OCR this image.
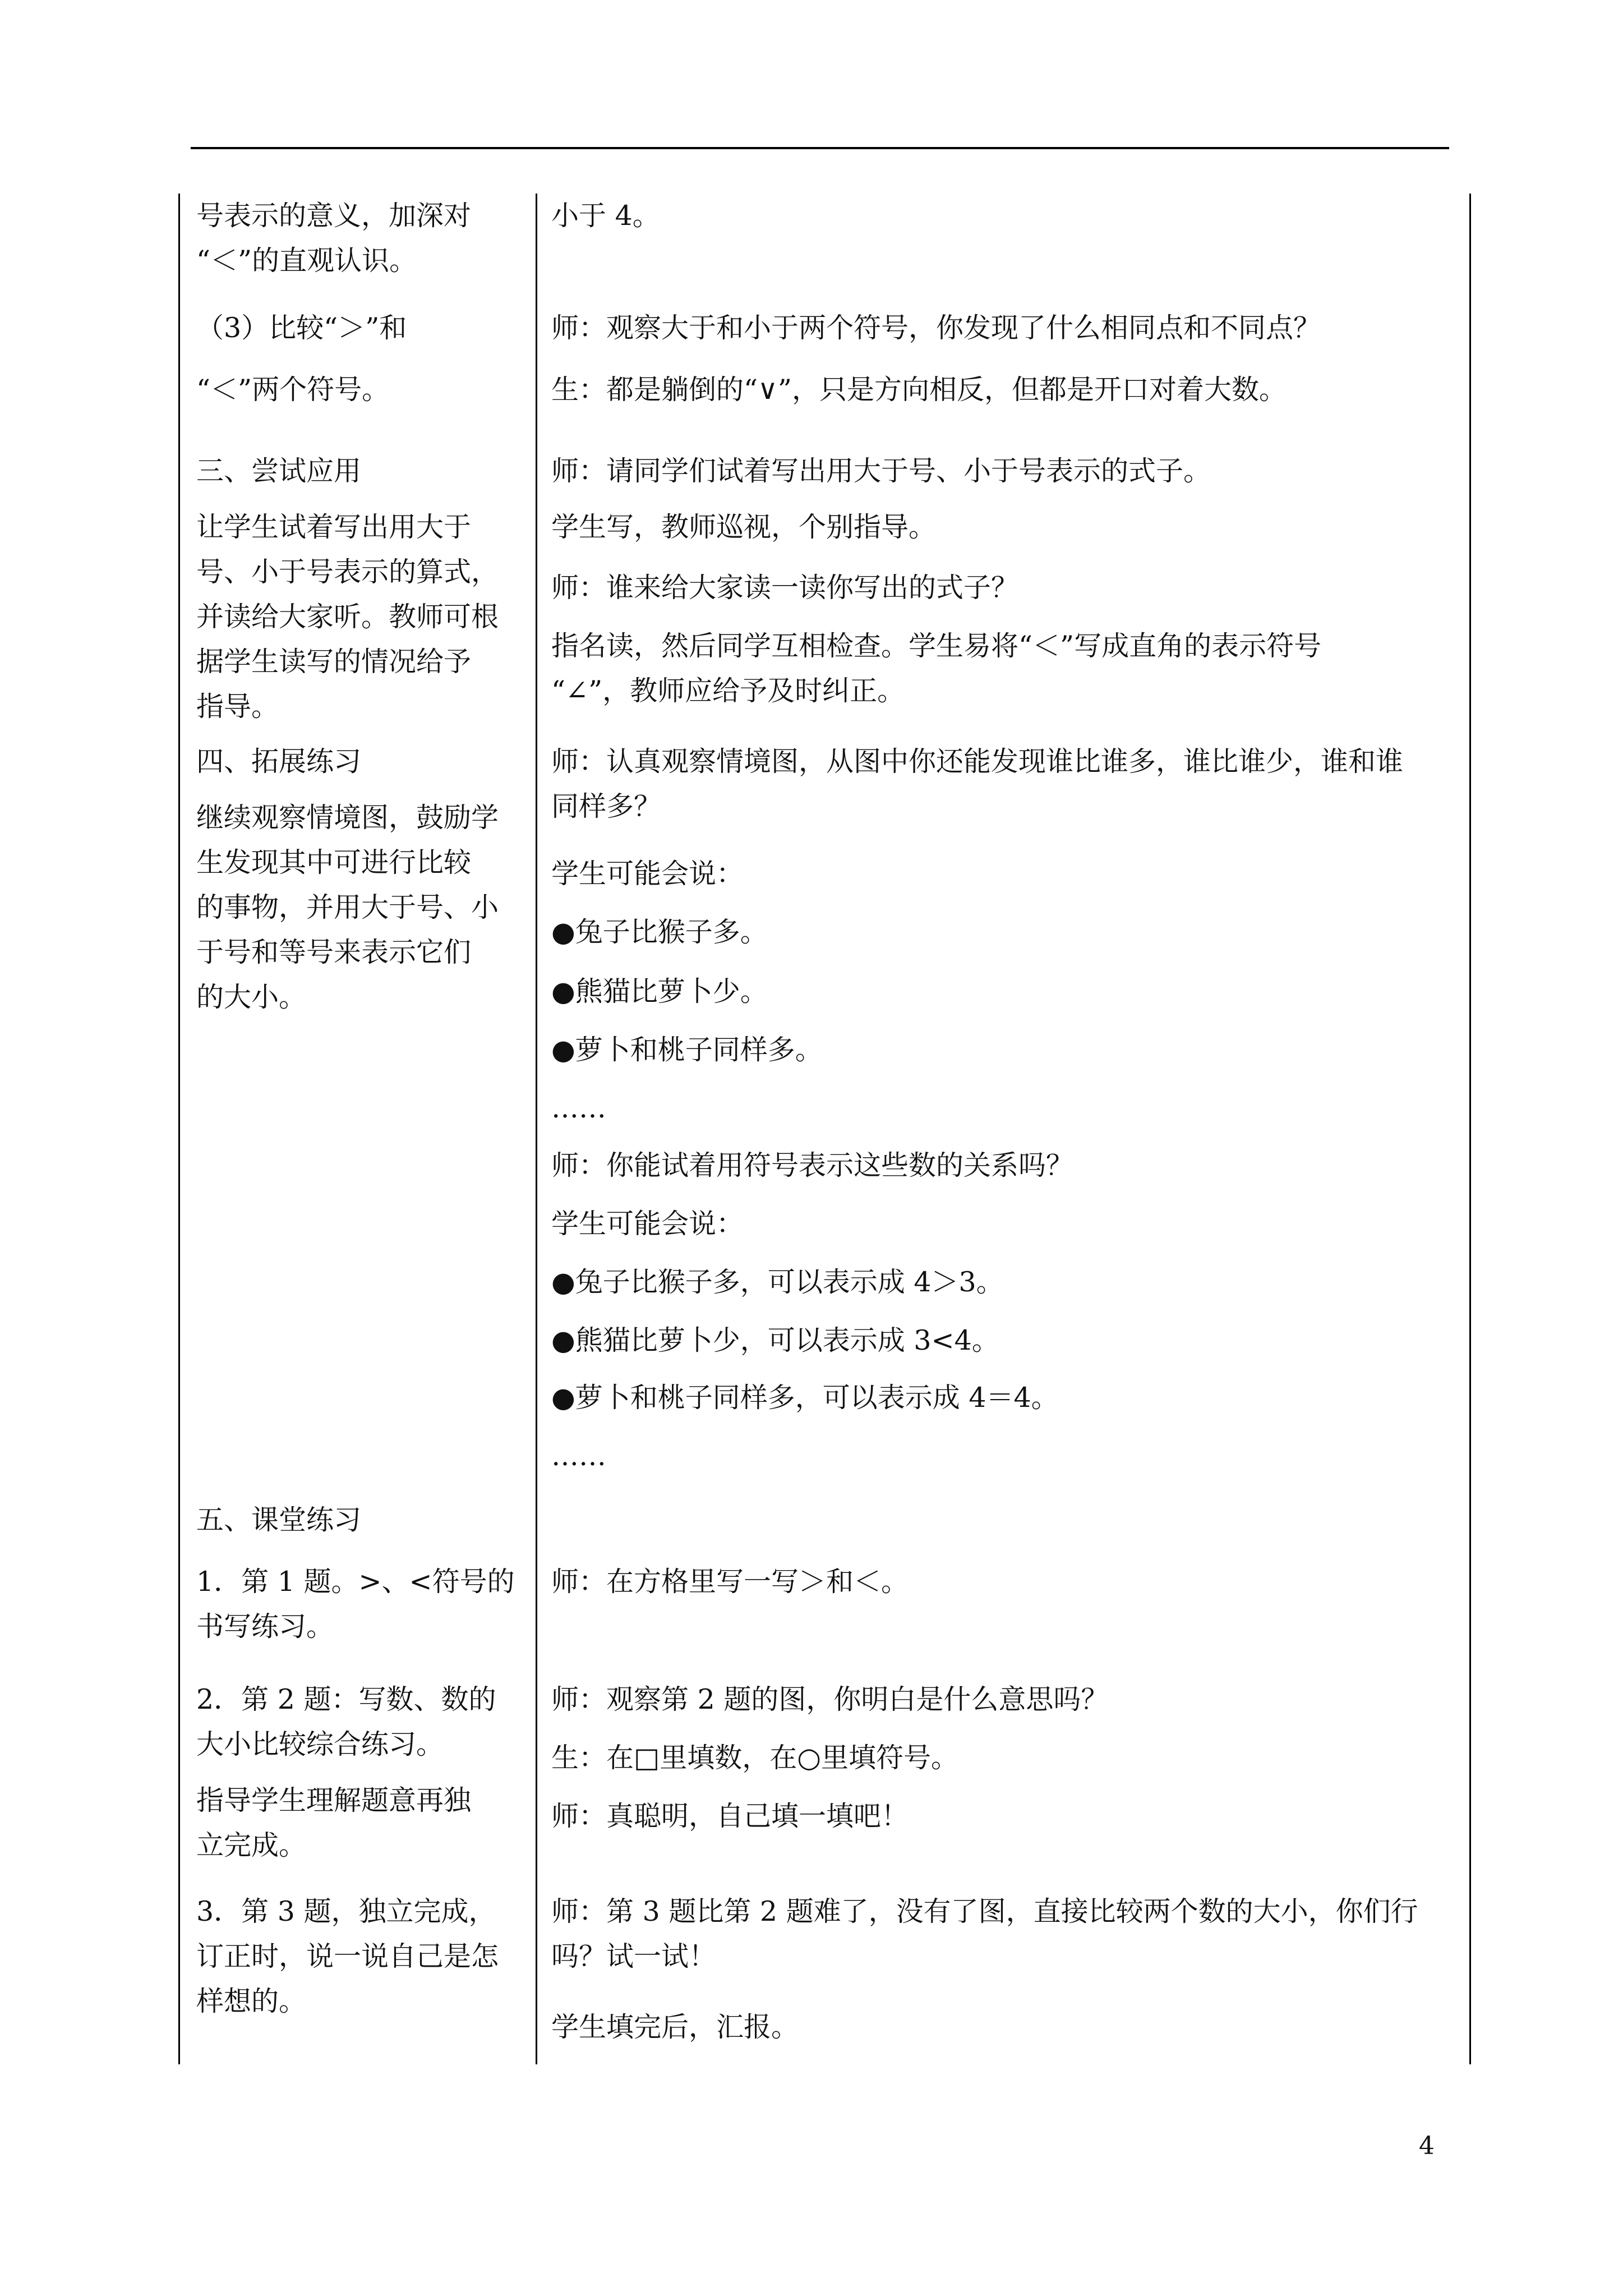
号表示的意义，加深对

“＜”的直观认识。

（3）比较“＞”和

“＜”两个符号。

三、尝试应用

让学生试着写出用大于

号、小于号表示的算式，

并读给大家听。教师可根

据学生读写的情况给予

指导。

四、拓展练习

继续观察情境图，鼓励学

生发现其中可进行比较

的事物，并用大于号、小

于号和等号来表示它们

的大小。

五、课堂练习

1．第 1 题。>、<符号的

书写练习。

2．第 2 题：写数、数的

大小比较综合练习。

指导学生理解题意再独

立完成。

3．第 3 题，独立完成，

订正时，说一说自己是怎

样想的。

小于 4。

师：观察大于和小于两个符号，你发现了什么相同点和不同点？

生：都是躺倒的“∨”，只是方向相反，但都是开口对着大数。

师：请同学们试着写出用大于号、小于号表示的式子。

学生写，教师巡视，个别指导。

师：谁来给大家读一读你写出的式子？

指名读，然后同学互相检查。学生易将“＜”写成直角的表示符号

“∠”，教师应给予及时纠正。

师：认真观察情境图，从图中你还能发现谁比谁多，谁比谁少，谁和谁

同样多？

学生可能会说：

●兔子比猴子多。

●熊猫比萝卜少。

●萝卜和桃子同样多。

……

师：你能试着用符号表示这些数的关系吗？

学生可能会说：

●兔子比猴子多，可以表示成 4＞3。

●熊猫比萝卜少，可以表示成 3<4。

●萝卜和桃子同样多，可以表示成 4＝4。

……

师：在方格里写一写＞和＜。

师：观察第 2 题的图，你明白是什么意思吗？

生：在□里填数，在○里填符号。

师：真聪明，自己填一填吧！

师：第 3 题比第 2 题难了，没有了图，直接比较两个数的大小，你们行

吗？试一试！

学生填完后，汇报。

4
